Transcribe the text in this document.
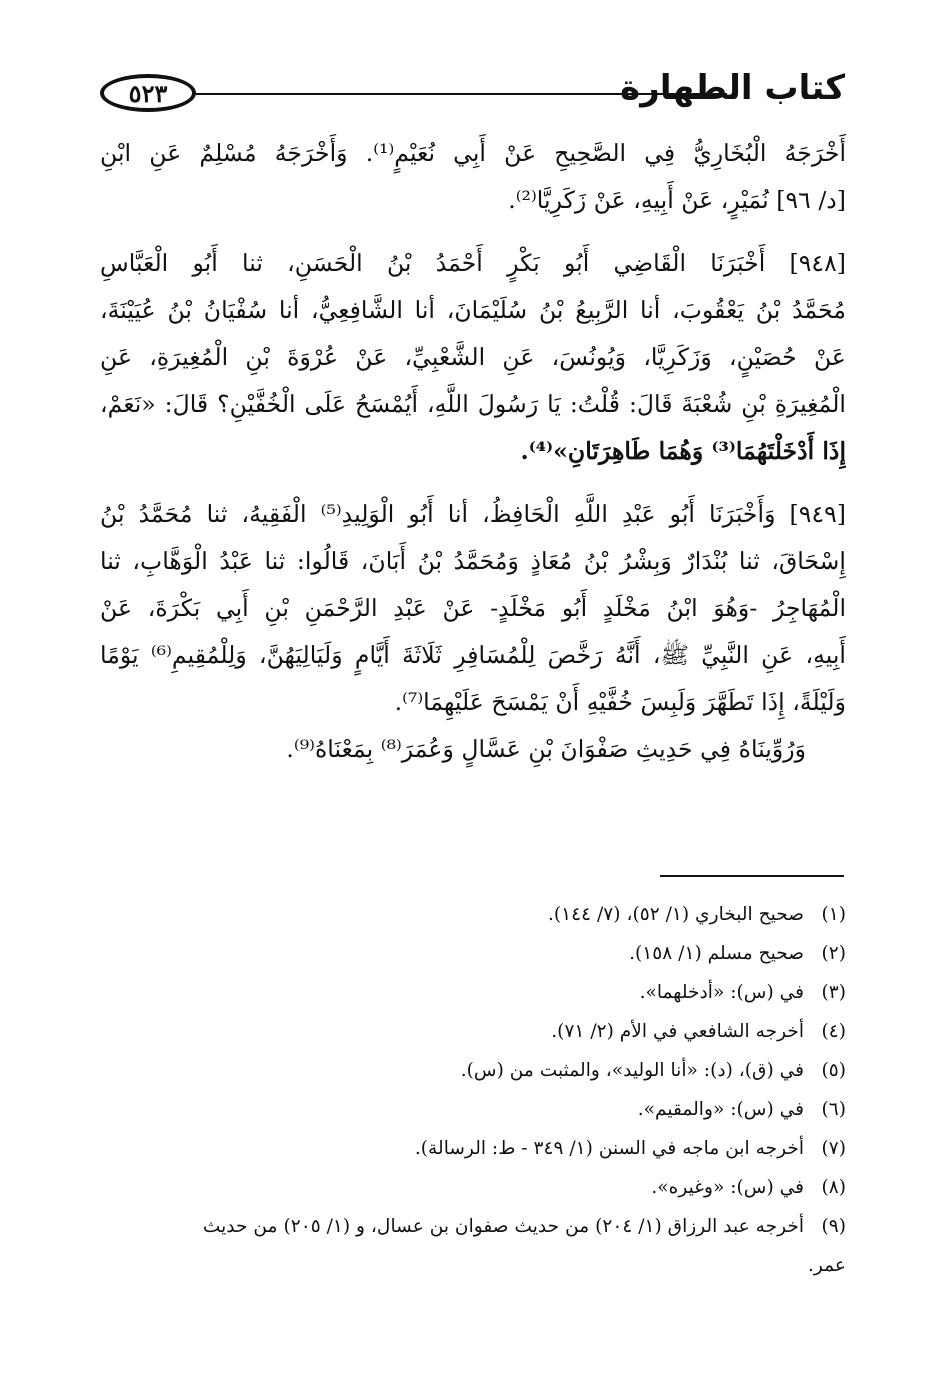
٥٢٣	كتاب الطهارة
أَخْرَجَهُ الْبُخَارِيُّ فِي الصَّحِيحِ عَنْ أَبِي نُعَيْمٍ⁽¹⁾. وَأَخْرَجَهُ مُسْلِمٌ عَنِ ابْنِ
[د/ ٩٦] نُمَيْرٍ، عَنْ أَبِيهِ، عَنْ زَكَرِيَّا⁽²⁾.
[٩٤٨] أَخْبَرَنَا الْقَاضِي أَبُو بَكْرٍ أَحْمَدُ بْنُ الْحَسَنِ، ثنا أَبُو الْعَبَّاسِ
مُحَمَّدُ بْنُ يَعْقُوبَ، أنا الرَّبِيعُ بْنُ سُلَيْمَانَ، أنا الشَّافِعِيُّ، أنا سُفْيَانُ بْنُ عُيَيْنَةَ،
عَنْ حُصَيْنٍ، وَزَكَرِيَّا، وَيُونُسَ، عَنِ الشَّعْبِيِّ، عَنْ عُرْوَةَ بْنِ الْمُغِيرَةِ، عَنِ
الْمُغِيرَةِ بْنِ شُعْبَةَ قَالَ: قُلْتُ: يَا رَسُولَ اللَّهِ، أَيُمْسَحُ عَلَى الْخُفَّيْنِ؟ قَالَ: «نَعَمْ،
إِذَا أَدْخَلْتَهُمَا⁽³⁾ وَهُمَا طَاهِرَتَانِ»⁽⁴⁾.
[٩٤٩] وَأَخْبَرَنَا أَبُو عَبْدِ اللَّهِ الْحَافِظُ، أنا أَبُو الْوَلِيدِ⁽⁵⁾ الْفَقِيهُ، ثنا مُحَمَّدُ بْنُ
إِسْحَاقَ، ثنا بُنْدَارٌ وَبِشْرُ بْنُ مُعَاذٍ وَمُحَمَّدُ بْنُ أَبَانَ، قَالُوا: ثنا عَبْدُ الْوَهَّابِ، ثنا
الْمُهَاجِرُ -وَهُوَ ابْنُ مَخْلَدٍ أَبُو مَخْلَدٍ- عَنْ عَبْدِ الرَّحْمَنِ بْنِ أَبِي بَكْرَةَ، عَنْ
أَبِيهِ، عَنِ النَّبِيِّ ﷺ، أَنَّهُ رَخَّصَ لِلْمُسَافِرِ ثَلَاثَةَ أَيَّامٍ وَلَيَالِيَهُنَّ، وَلِلْمُقِيمِ⁽⁶⁾ يَوْمًا
وَلَيْلَةً، إِذَا تَطَهَّرَ وَلَبِسَ خُفَّيْهِ أَنْ يَمْسَحَ عَلَيْهِمَا⁽⁷⁾.
وَرُوِّينَاهُ فِي حَدِيثِ صَفْوَانَ بْنِ عَسَّالٍ وَعُمَرَ⁽⁸⁾ بِمَعْنَاهُ⁽⁹⁾.
(١)صحيح البخاري (١/ ٥٢)، (٧/ ١٤٤).
(٢)صحيح مسلم (١/ ١٥٨).
(٣)في (س): «أدخلهما».
(٤)أخرجه الشافعي في الأم (٢/ ٧١).
(٥)في (ق)، (د): «أنا الوليد»، والمثبت من (س).
(٦)في (س): «والمقيم».
(٧)أخرجه ابن ماجه في السنن (١/ ٣٤٩ - ط: الرسالة).
(٨)في (س): «وغيره».
(٩)أخرجه عبد الرزاق (١/ ٢٠٤) من حديث صفوان بن عسال، و (١/ ٢٠٥) من حديث
عمر.
